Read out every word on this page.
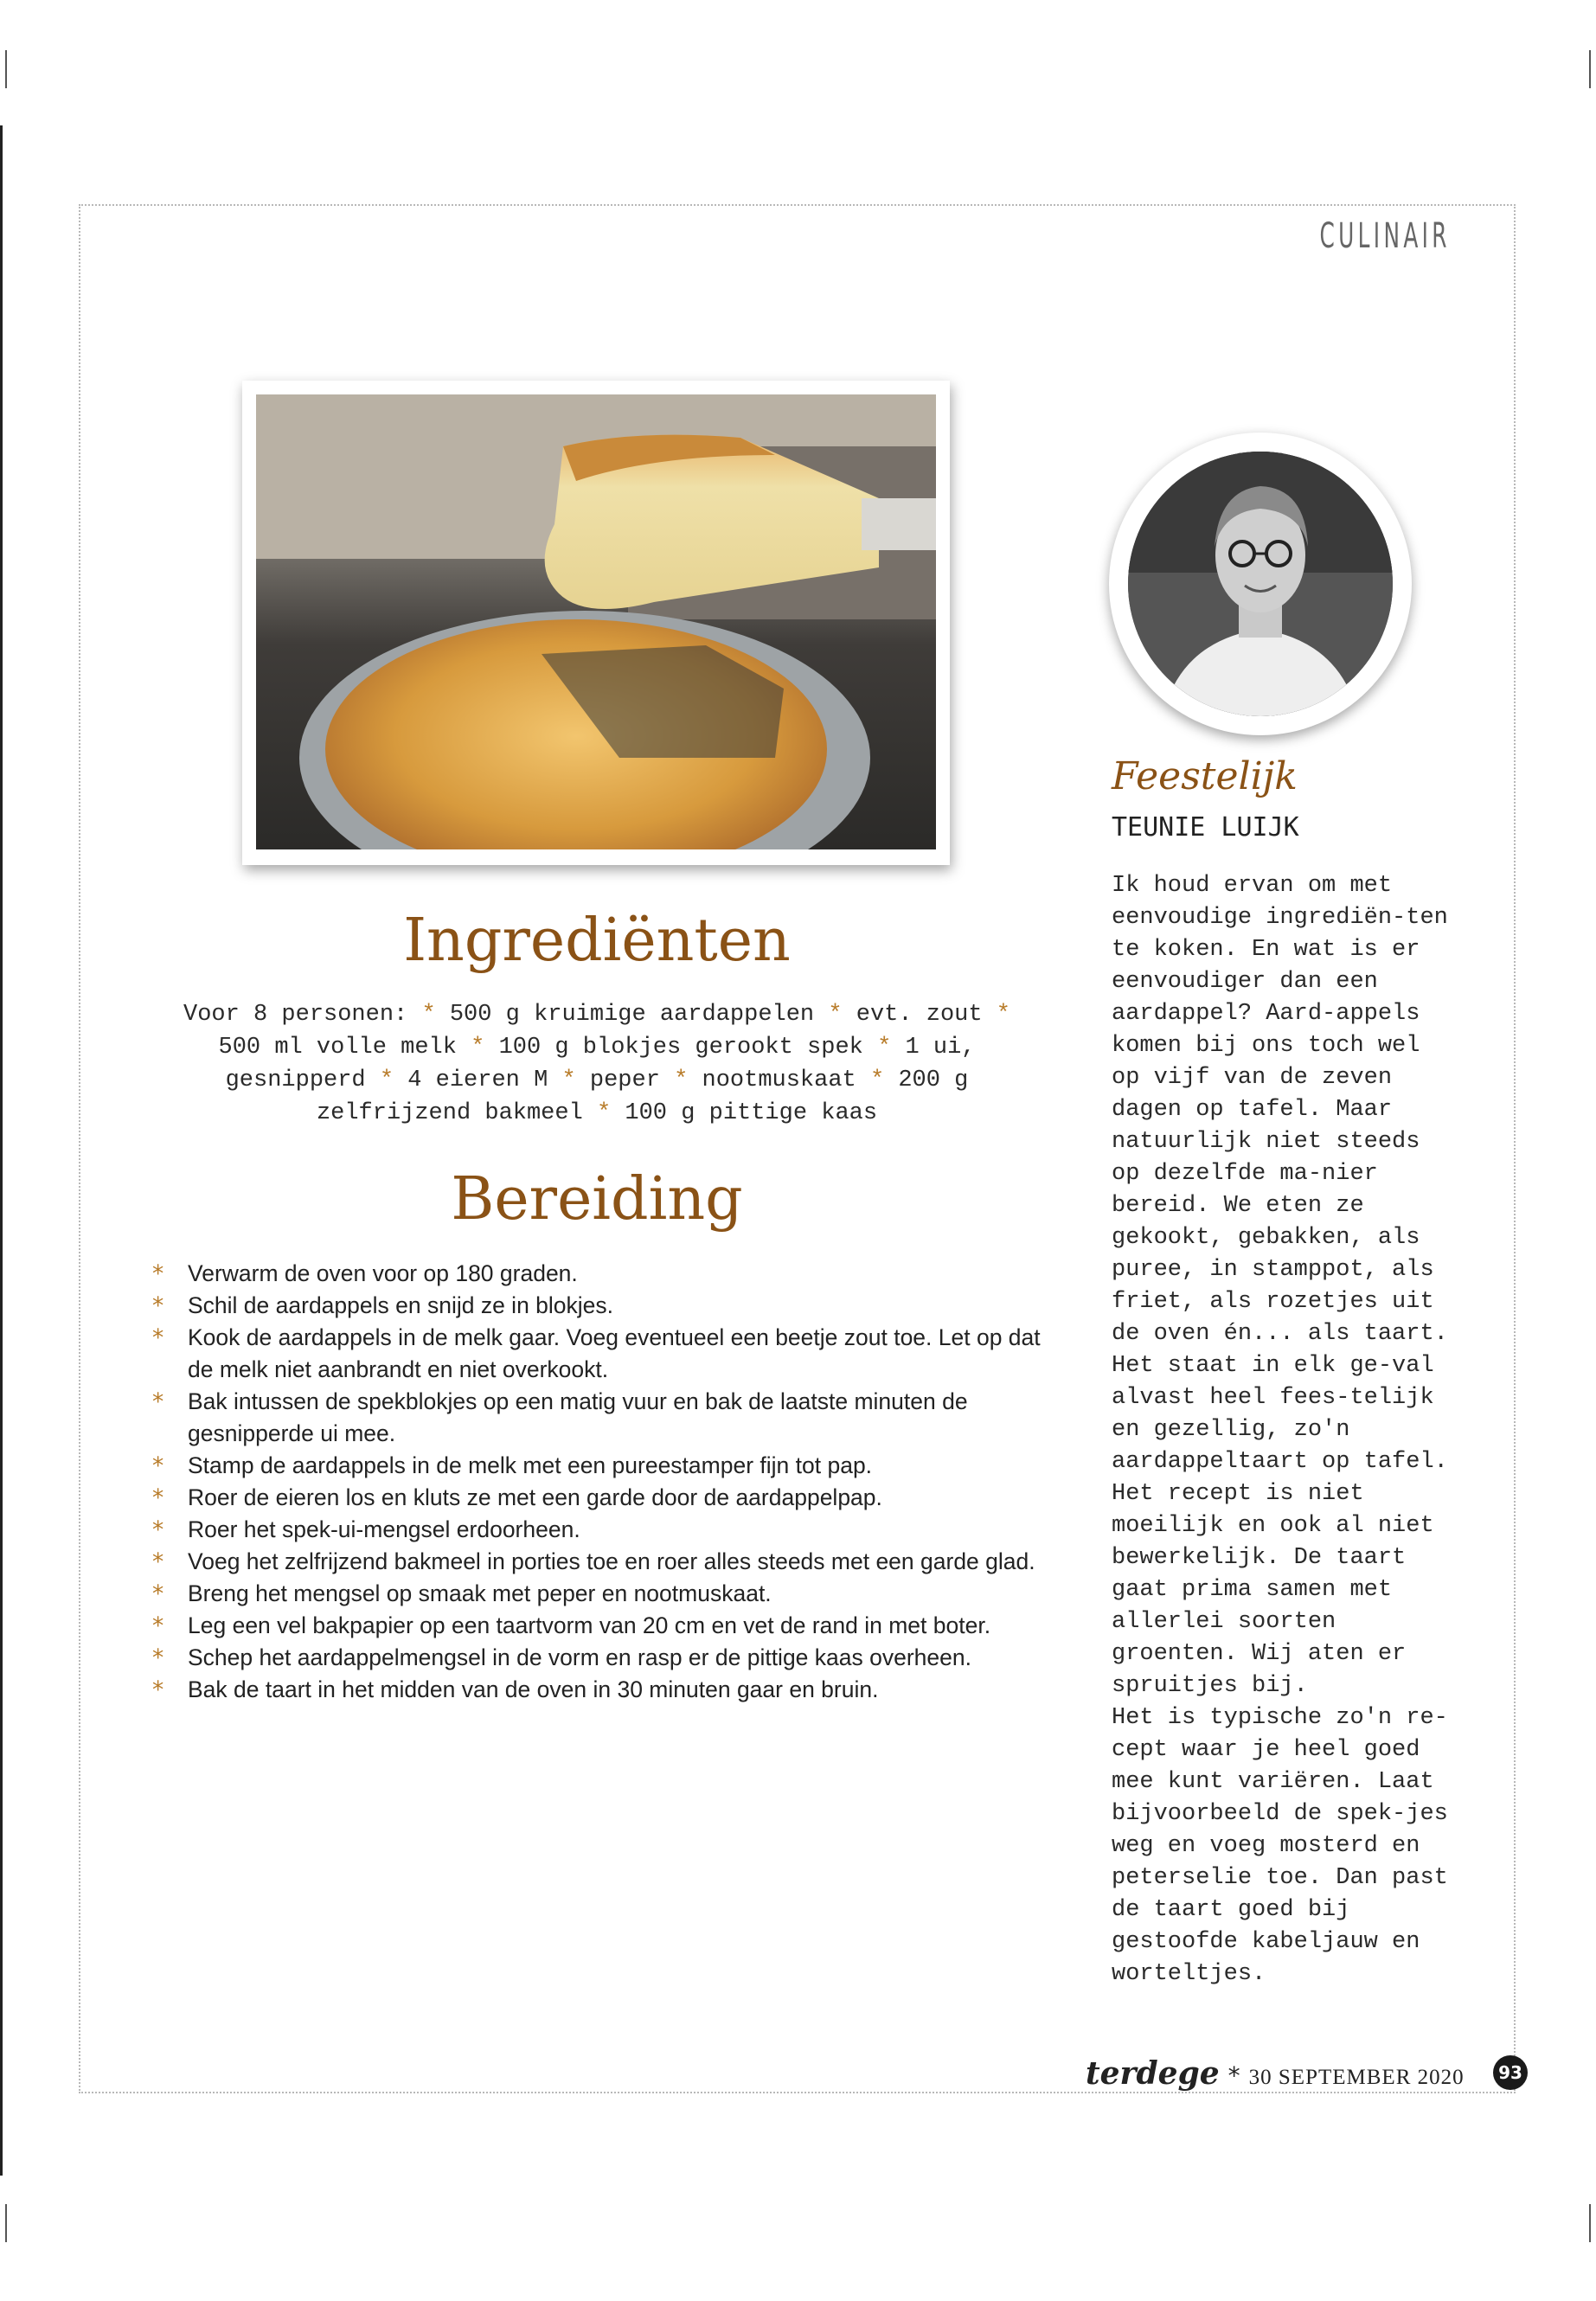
CULINAIR
Feestelijk
TEUNIE LUIJK

Ik houd ervan om met eenvoudige ingrediën-ten te koken. En wat is er eenvoudiger dan een aardappel? Aard-appels komen bij ons toch wel op vijf van de zeven dagen op tafel. Maar natuurlijk niet steeds op dezelfde ma-nier bereid. We eten ze gekookt, gebakken, als puree, in stamppot, als friet, als rozetjes uit de oven én... als taart. Het staat in elk ge-val alvast heel fees-telijk en gezellig, zo'n aardappeltaart op tafel. Het recept is niet moeilijk en ook al niet bewerkelijk. De taart gaat prima samen met allerlei soorten groenten. Wij aten er spruitjes bij.

Het is typische zo'n re-cept waar je heel goed mee kunt variëren. Laat bijvoorbeeld de spek-jes weg en voeg mosterd en peterselie toe. Dan past de taart goed bij gestoofde kabeljauw en worteltjes.

Ingrediënten
Voor 8 personen: * 500 g kruimige aardappelen * evt. zout * 500 ml volle melk * 100 g blokjes gerookt spek * 1 ui, gesnipperd * 4 eieren M * peper * nootmuskaat * 200 g zelfrijzend bakmeel * 100 g pittige kaas
Bereiding
* Verwarm de oven voor op 180 graden.
* Schil de aardappels en snijd ze in blokjes.
* Kook de aardappels in de melk gaar. Voeg eventueel een beetje zout toe. Let op dat de melk niet aanbrandt en niet overkookt.
* Bak intussen de spekblokjes op een matig vuur en bak de laatste minuten de gesnipperde ui mee.
* Stamp de aardappels in de melk met een pureestamper fijn tot pap.
* Roer de eieren los en kluts ze met een garde door de aardappelpap.
* Roer het spek-ui-mengsel erdoorheen.
* Voeg het zelfrijzend bakmeel in porties toe en roer alles steeds met een garde glad.
* Breng het mengsel op smaak met peper en nootmuskaat.
* Leg een vel bakpapier op een taartvorm van 20 cm en vet de rand in met boter.
* Schep het aardappelmengsel in de vorm en rasp er de pittige kaas overheen.
* Bak de taart in het midden van de oven in 30 minuten gaar en bruin.
terdege * 30 SEPTEMBER 2020	93
